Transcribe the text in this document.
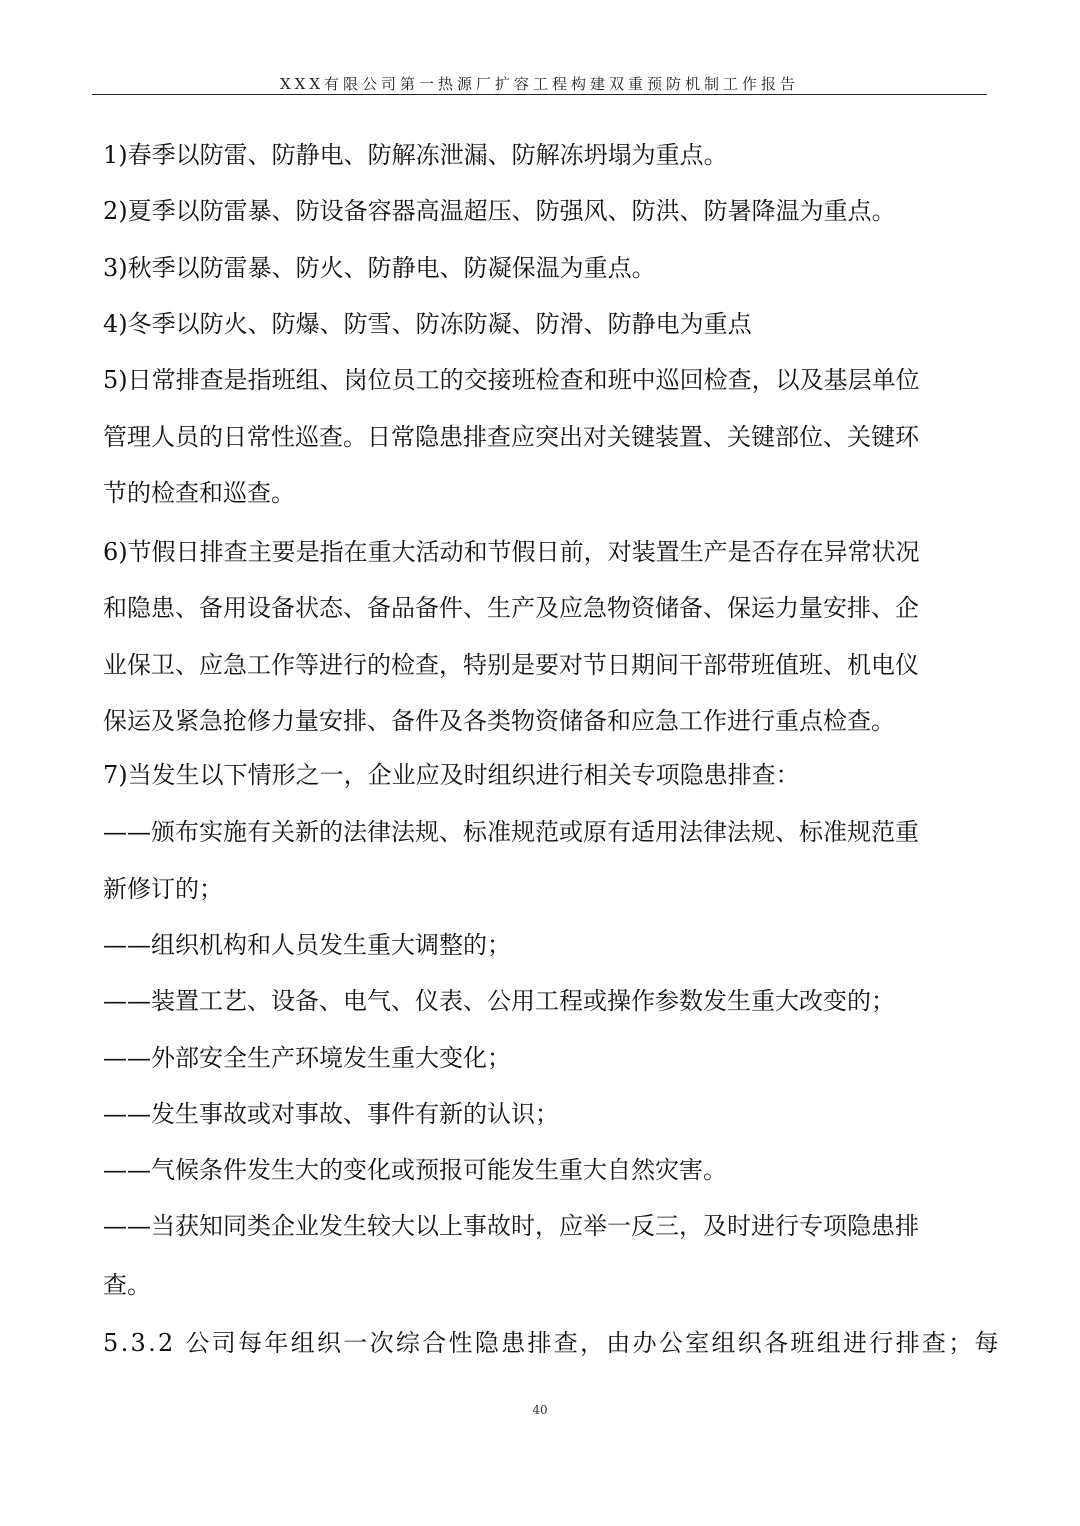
XXX有限公司第一热源厂扩容工程构建双重预防机制工作报告
1)春季以防雷、防静电、防解冻泄漏、防解冻坍塌为重点。
2)夏季以防雷暴、防设备容器高温超压、防强风、防洪、防暑降温为重点。
3)秋季以防雷暴、防火、防静电、防凝保温为重点。
4)冬季以防火、防爆、防雪、防冻防凝、防滑、防静电为重点
5)日常排查是指班组、岗位员工的交接班检查和班中巡回检查，以及基层单位
管理人员的日常性巡查。日常隐患排查应突出对关键装置、关键部位、关键环
节的检查和巡查。
6)节假日排查主要是指在重大活动和节假日前，对装置生产是否存在异常状况
和隐患、备用设备状态、备品备件、生产及应急物资储备、保运力量安排、企
业保卫、应急工作等进行的检查，特别是要对节日期间干部带班值班、机电仪
保运及紧急抢修力量安排、备件及各类物资储备和应急工作进行重点检查。
7)当发生以下情形之一，企业应及时组织进行相关专项隐患排查：
——颁布实施有关新的法律法规、标准规范或原有适用法律法规、标准规范重
新修订的；
——组织机构和人员发生重大调整的；
——装置工艺、设备、电气、仪表、公用工程或操作参数发生重大改变的；
——外部安全生产环境发生重大变化；
——发生事故或对事故、事件有新的认识；
——气候条件发生大的变化或预报可能发生重大自然灾害。
——当获知同类企业发生较大以上事故时，应举一反三，及时进行专项隐患排
查。
5.3.2 公司每年组织一次综合性隐患排查，由办公室组织各班组进行排查；每
40
